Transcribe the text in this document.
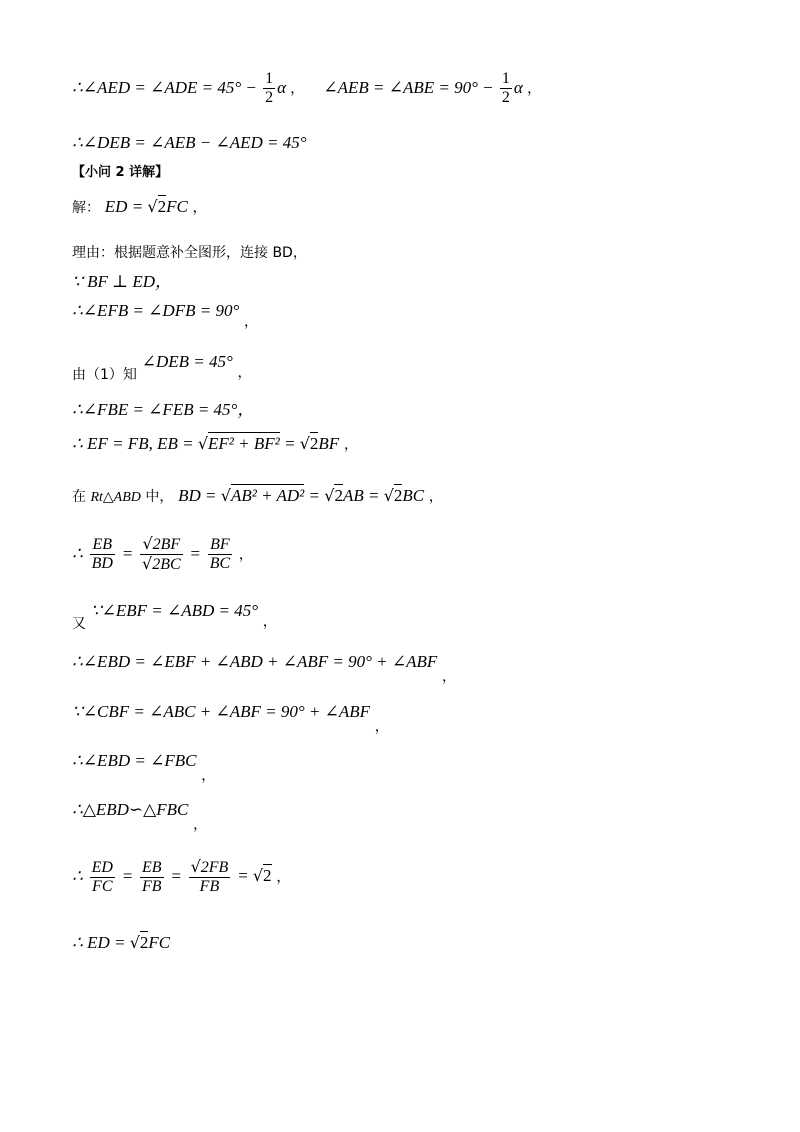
∴∠AED = ∠ADE = $45^\circ - \frac{1}{2}$ α ， ∠AEB = ∠ABE = $90^\circ - \frac{1}{2}$ α ，
∴∠DEB = ∠AEB − ∠AED = 45°
【小问 2 详解】
解： ED = √2FC ，
理由：根据题意补全图形，连接 BD，
∵ BF ⊥ ED，
∴∠EFB = ∠DFB = 90° ，
由（1）知 ∠DEB = 45° ，
∴∠FBE = ∠FEB = 45°，
∴ EF = FB, EB = √EF² + BF² = √2BF ，
在 Rt△ABD 中， BD = √AB² + AD² = √2AB = √2BC ，
∴ $\frac{EB}{BD} = \frac{√2BF}{√2BC} = \frac{BF}{BC}$ ，
又 ∵∠EBF = ∠ABD = 45° ，
∴∠EBD = ∠EBF + ∠ABD + ∠ABF = 90° + ∠ABF ，
∵∠CBF = ∠ABC + ∠ABF = 90° + ∠ABF ，
∴∠EBD = ∠FBC ，
∴△EBD∽△FBC ，
∴ $\frac{ED}{FC} = \frac{EB}{FB} = \frac{√2FB}{FB} = √2$ ，
∴ ED = √2FC
